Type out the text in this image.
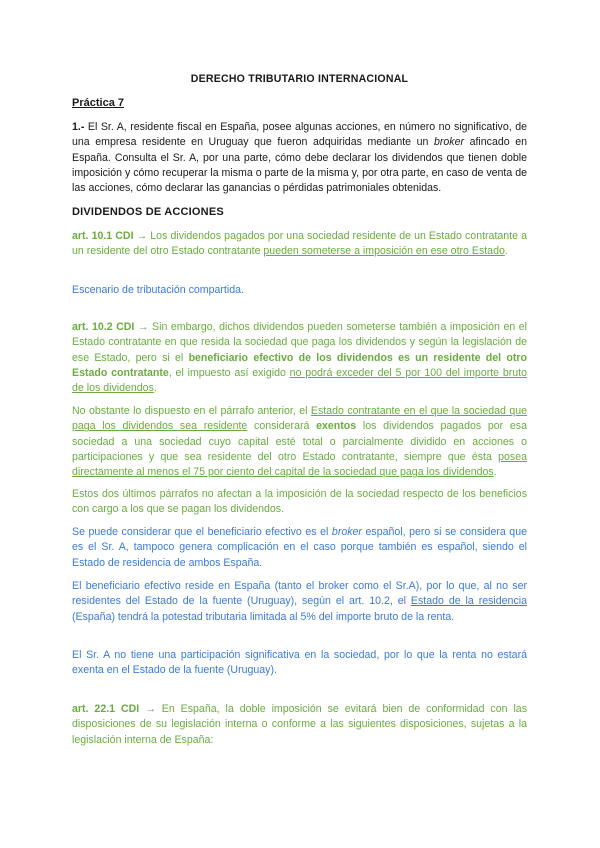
DERECHO TRIBUTARIO INTERNACIONAL
Práctica 7

1.- El Sr. A, residente fiscal en España, posee algunas acciones, en número no significativo, de una empresa residente en Uruguay que fueron adquiridas mediante un broker afincado en España. Consulta el Sr. A, por una parte, cómo debe declarar los dividendos que tienen doble imposición y cómo recuperar la misma o parte de la misma y, por otra parte, en caso de venta de las acciones, cómo declarar las ganancias o pérdidas patrimoniales obtenidas.

DIVIDENDOS DE ACCIONES

art. 10.1 CDI → Los dividendos pagados por una sociedad residente de un Estado contratante a un residente del otro Estado contratante pueden someterse a imposición en ese otro Estado.

Escenario de tributación compartida.

art. 10.2 CDI → Sin embargo, dichos dividendos pueden someterse también a imposición en el Estado contratante en que resida la sociedad que paga los dividendos y según la legislación de ese Estado, pero si el beneficiario efectivo de los dividendos es un residente del otro Estado contratante, el impuesto así exigido no podrá exceder del 5 por 100 del importe bruto de los dividendos.

No obstante lo dispuesto en el párrafo anterior, el Estado contratante en el que la sociedad que paga los dividendos sea residente considerará exentos los dividendos pagados por esa sociedad a una sociedad cuyo capital esté total o parcialmente dividido en acciones o participaciones y que sea residente del otro Estado contratante, siempre que ésta posea directamente al menos el 75 por ciento del capital de la sociedad que paga los dividendos.

Estos dos últimos párrafos no afectan a la imposición de la sociedad respecto de los beneficios con cargo a los que se pagan los dividendos.

Se puede considerar que el beneficiario efectivo es el broker español, pero si se considera que es el Sr. A, tampoco genera complicación en el caso porque también es español, siendo el Estado de residencia de ambos España.

El beneficiario efectivo reside en España (tanto el broker como el Sr.A), por lo que, al no ser residentes del Estado de la fuente (Uruguay), según el art. 10.2, el Estado de la residencia (España) tendrá la potestad tributaria limitada al 5% del importe bruto de la renta.

El Sr. A no tiene una participación significativa en la sociedad, por lo que la renta no estará exenta en el Estado de la fuente (Uruguay).

art. 22.1 CDI → En España, la doble imposición se evitará bien de conformidad con las disposiciones de su legislación interna o conforme a las siguientes disposiciones, sujetas a la legislación interna de España:
